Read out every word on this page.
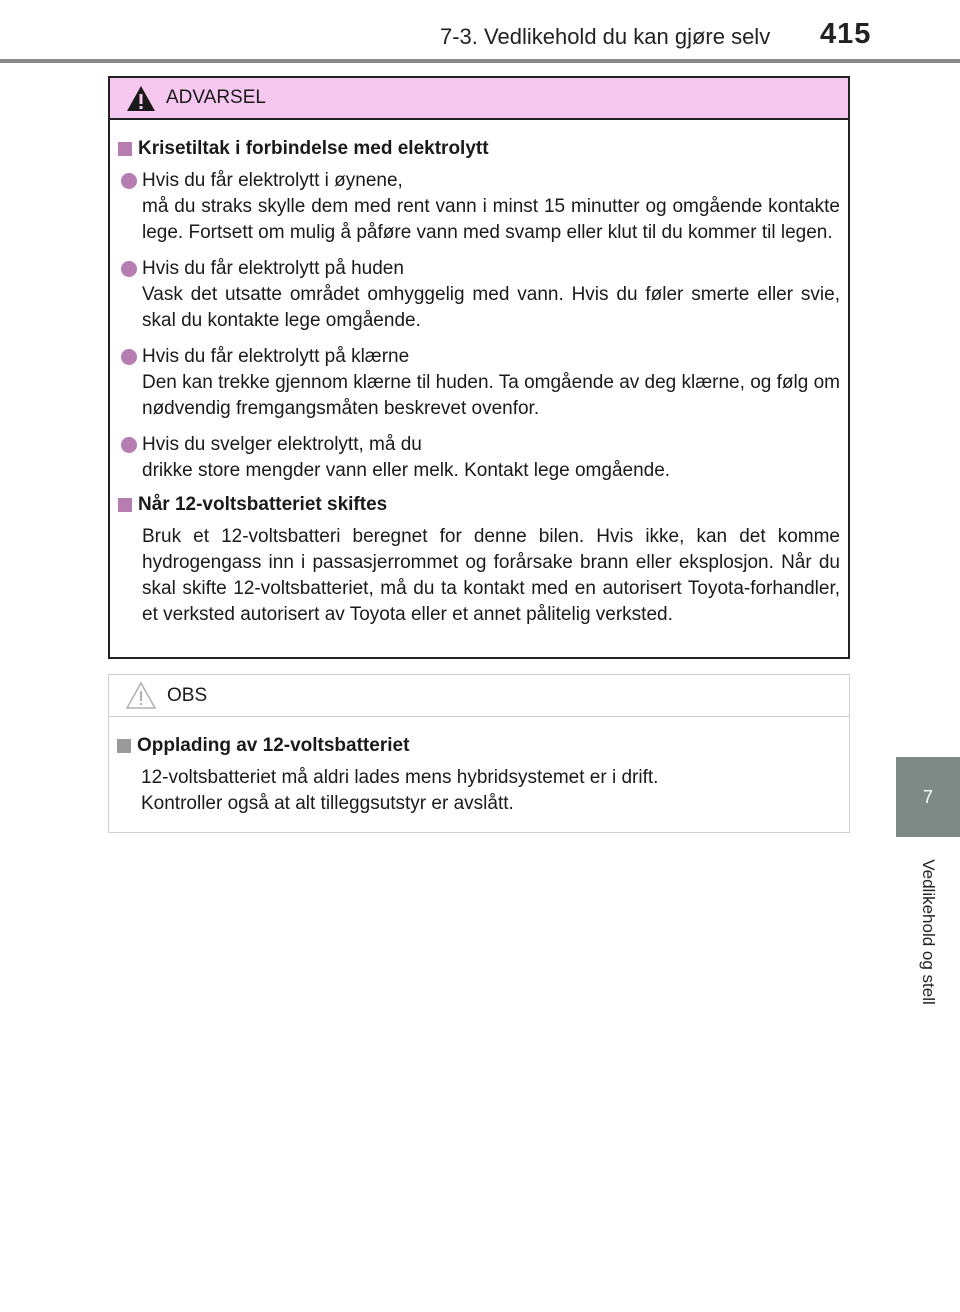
7-3. Vedlikehold du kan gjøre selv	415
7
Vedlikehold og stell
ADVARSEL
Krisetiltak i forbindelse med elektrolytt
Hvis du får elektrolytt i øynene,
må du straks skylle dem med rent vann i minst 15 minutter og omgående kontakte lege. Fortsett om mulig å påføre vann med svamp eller klut til du kommer til legen.
Hvis du får elektrolytt på huden
Vask det utsatte området omhyggelig med vann. Hvis du føler smerte eller svie, skal du kontakte lege omgående.
Hvis du får elektrolytt på klærne
Den kan trekke gjennom klærne til huden. Ta omgående av deg klærne, og følg om nødvendig fremgangsmåten beskrevet ovenfor.
Hvis du svelger elektrolytt, må du
drikke store mengder vann eller melk. Kontakt lege omgående.
Når 12-voltsbatteriet skiftes
Bruk et 12-voltsbatteri beregnet for denne bilen. Hvis ikke, kan det komme hydrogengass inn i passasjerrommet og forårsake brann eller eksplosjon. Når du skal skifte 12-voltsbatteriet, må du ta kontakt med en autorisert Toyota-forhandler, et verksted autorisert av Toyota eller et annet pålitelig verksted.
OBS
Opplading av 12-voltsbatteriet
12-voltsbatteriet må aldri lades mens hybridsystemet er i drift.
Kontroller også at alt tilleggsutstyr er avslått.
